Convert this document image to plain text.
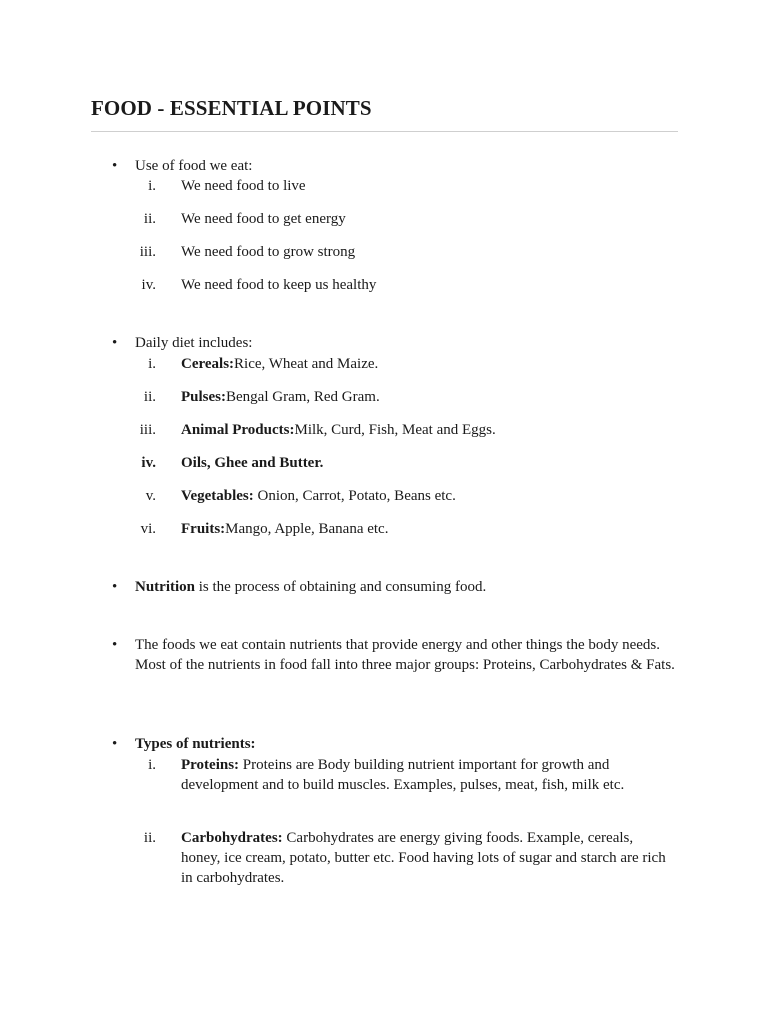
FOOD - ESSENTIAL POINTS
• Use of food we eat:
i. We need food to live
ii. We need food to get energy
iii. We need food to grow strong
iv. We need food to keep us healthy
• Daily diet includes:
i. Cereals:Rice, Wheat and Maize.
ii. Pulses:Bengal Gram, Red Gram.
iii. Animal Products:Milk, Curd, Fish, Meat and Eggs.
iv. Oils, Ghee and Butter.
v. Vegetables: Onion, Carrot, Potato, Beans etc.
vi. Fruits:Mango, Apple, Banana etc.
• Nutrition is the process of obtaining and consuming food.
• The foods we eat contain nutrients that provide energy and other things the body needs. Most of the nutrients in food fall into three major groups: Proteins, Carbohydrates & Fats.
• Types of nutrients:
i. Proteins: Proteins are Body building nutrient important for growth and development and to build muscles. Examples, pulses, meat, fish, milk etc.
ii. Carbohydrates: Carbohydrates are energy giving foods. Example, cereals, honey, ice cream, potato, butter etc. Food having lots of sugar and starch are rich in carbohydrates.
